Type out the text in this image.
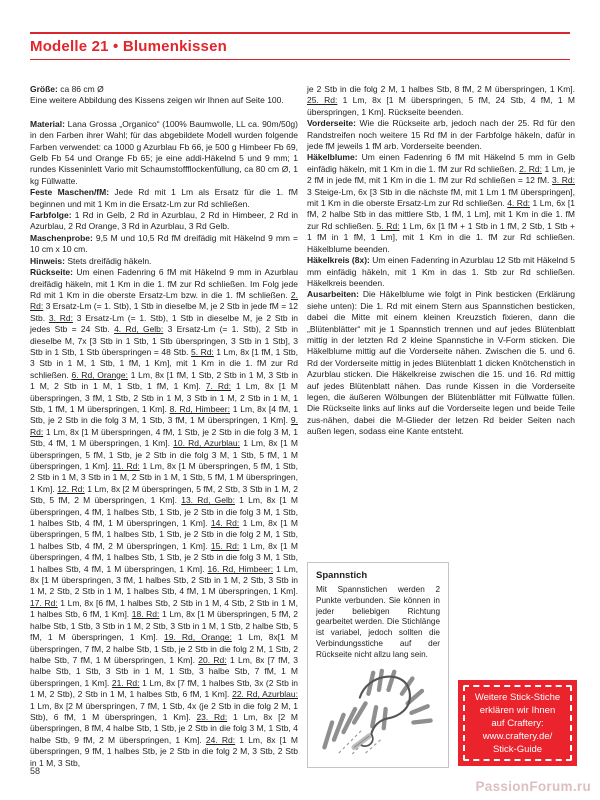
Modelle 21 • Blumenkissen

Größe: ca 86 cm Ø

Eine weitere Abbildung des Kissens zeigen wir Ihnen auf Seite 100.

Material: Lana Grossa „Organico“ (100% Baumwolle, LL ca. 90m/50g) in den Farben ihrer Wahl; für das abgebildete Modell wurden folgende Farben verwendet: ca 1000 g Azurblau Fb 66, je 500 g Himbeer Fb 69, Gelb Fb 54 und Orange Fb 65; je eine addi-Häkelnd 5 und 9 mm; 1 rundes Kisseninlett Vario mit Schaumstoffflockenfüllung, ca 80 cm Ø, 1 kg Füllwatte.

Feste Maschen/fM: Jede Rd mit 1 Lm als Ersatz für die 1. fM beginnen und mit 1 Km in die Ersatz-Lm zur Rd schließen.

Farbfolge: 1 Rd in Gelb, 2 Rd in Azurblau, 2 Rd in Himbeer, 2 Rd in Azurblau, 2 Rd Orange, 3 Rd in Azurblau, 3 Rd Gelb.

Maschenprobe: 9,5 M und 10,5 Rd fM dreifädig mit Häkelnd 9 mm = 10 cm x 10 cm.

Hinweis: Stets dreifädig häkeln.

Rückseite: Um einen Fadenring 6 fM mit Häkelnd 9 mm in Azurblau dreifädig häkeln, mit 1 Km in die 1. fM zur Rd schließen. Im Folg jede Rd mit 1 Km in die oberste Ersatz-Lm bzw. in die 1. fM schließen. 2. Rd: 3 Ersatz-Lm (= 1. Stb), 1 Stb in dieselbe M, je 2 Stb in jede fM = 12 Stb. 3. Rd: 3 Ersatz-Lm (= 1. Stb), 1 Stb in dieselbe M, je 2 Stb in jedes Stb = 24 Stb. 4. Rd, Gelb: 3 Ersatz-Lm (= 1. Stb), 2 Stb in dieselbe M, 7x [3 Stb in 1 Stb, 1 Stb überspringen, 3 Stb in 1 Stb], 3 Stb in 1 Stb, 1 Stb überspringen = 48 Stb. 5. Rd: 1 Lm, 8x [1 fM, 1 Stb, 3 Stb in 1 M, 1 Stb, 1 fM, 1 Km], mit 1 Km in die 1. fM zur Rd schließen. 6. Rd, Orange: 1 Lm, 8x [1 fM, 1 Stb, 2 Stb in 1 M, 3 Stb in 1 M, 2 Stb in 1 M, 1 Stb, 1 fM, 1 Km]. 7. Rd: 1 Lm, 8x [1 M überspringen, 3 fM, 1 Stb, 2 Stb in 1 M, 3 Stb in 1 M, 2 Stb in 1 M, 1 Stb, 1 fM, 1 M überspringen, 1 Km]. 8. Rd, Himbeer: 1 Lm, 8x [4 fM, 1 Stb, je 2 Stb in die folg 3 M, 1 Stb, 3 fM, 1 M überspringen, 1 Km]. 9. Rd: 1 Lm, 8x [1 M überspringen, 4 fM, 1 Stb, je 2 Stb in die folg 3 M, 1 Stb, 4 fM, 1 M überspringen, 1 Km]. 10. Rd, Azurblau: 1 Lm, 8x [1 M überspringen, 5 fM, 1 Stb, je 2 Stb in die folg 3 M, 1 Stb, 5 fM, 1 M überspringen, 1 Km]. 11. Rd: 1 Lm, 8x [1 M überspringen, 5 fM, 1 Stb, 2 Stb in 1 M, 3 Stb in 1 M, 2 Stb in 1 M, 1 Stb, 5 fM, 1 M überspringen, 1 Km]. 12. Rd: 1 Lm, 8x [2 M überspringen, 5 fM, 2 Stb, 3 Stb in 1 M, 2 Stb, 5 fM, 2 M überspringen, 1 Km]. 13. Rd, Gelb: 1 Lm, 8x [1 M überspringen, 4 fM, 1 halbes Stb, 1 Stb, je 2 Stb in die folg 3 M, 1 Stb, 1 halbes Stb, 4 fM, 1 M überspringen, 1 Km]. 14. Rd: 1 Lm, 8x [1 M überspringen, 5 fM, 1 halbes Stb, 1 Stb, je 2 Stb in die folg 2 M, 1 Stb, 1 halbes Stb, 4 fM, 2 M überspringen, 1 Km]. 15. Rd: 1 Lm, 8x [1 M überspringen, 4 fM, 1 halbes Stb, 1 Stb, je 2 Stb in die folg 3 M, 1 Stb, 1 halbes Stb, 4 fM, 1 M überspringen, 1 Km]. 16. Rd, Himbeer: 1 Lm, 8x [1 M überspringen, 3 fM, 1 halbes Stb, 2 Stb in 1 M, 2 Stb, 3 Stb in 1 M, 2 Stb, 2 Stb in 1 M, 1 halbes Stb, 4 fM, 1 M überspringen, 1 Km]. 17. Rd: 1 Lm, 8x [6 fM, 1 halbes Stb, 2 Stb in 1 M, 4 Stb, 2 Stb in 1 M, 1 halbes Stb, 6 fM, 1 Km]. 18. Rd: 1 Lm, 8x [1 M überspringen, 5 fM, 2 halbe Stb, 1 Stb, 3 Stb in 1 M, 2 Stb, 3 Stb in 1 M, 1 Stb, 2 halbe Stb, 5 fM, 1 M überspringen, 1 Km]. 19. Rd, Orange: 1 Lm, 8x[1 M überspringen, 7 fM, 2 halbe Stb, 1 Stb, je 2 Stb in die folg 2 M, 1 Stb, 2 halbe Stb, 7 fM, 1 M überspringen, 1 Km]. 20. Rd: 1 Lm, 8x [7 fM, 3 halbe Stb, 1 Stb, 3 Stb in 1 M, 1 Stb, 3 halbe Stb, 7 fM, 1 M überspringen, 1 Km]. 21. Rd: 1 Lm, 8x [7 fM, 1 halbes Stb, 3x (2 Stb in 1 M, 2 Stb), 2 Stb in 1 M, 1 halbes Stb, 6 fM, 1 Km]. 22. Rd, Azurblau: 1 Lm, 8x [2 M überspringen, 7 fM, 1 Stb, 4x (je 2 Stb in die folg 2 M, 1 Stb), 6 fM, 1 M überspringen, 1 Km]. 23. Rd: 1 Lm, 8x [2 M überspringen, 8 fM, 4 halbe Stb, 1 Stb, je 2 Stb in die folg 3 M, 1 Stb, 4 halbe Stb, 9 fM, 2 M überspringen, 1 Km]. 24. Rd: 1 Lm, 8x [1 M überspringen, 9 fM, 1 halbes Stb, je 2 Stb in die folg 2 M, 3 Stb, 2 Stb in 1 M, 3 Stb,

je 2 Stb in die folg 2 M, 1 halbes Stb, 8 fM, 2 M überspringen, 1 Km]. 25. Rd: 1 Lm, 8x [1 M überspringen, 5 fM, 24 Stb, 4 fM, 1 M überspringen, 1 Km]. Rückseite beenden.

Vorderseite: Wie die Rückseite arb, jedoch nach der 25. Rd für den Randstreifen noch weitere 15 Rd fM in der Farbfolge häkeln, dafür in jede fM jeweils 1 fM arb. Vorderseite beenden.

Häkelblume: Um einen Fadenring 6 fM mit Häkelnd 5 mm in Gelb einfädig häkeln, mit 1 Km in die 1. fM zur Rd schließen. 2. Rd: 1 Lm, je 2 fM in jede fM, mit 1 Km in die 1. fM zur Rd schließen = 12 fM. 3. Rd: 3 Steige-Lm, 6x [3 Stb in die nächste fM, mit 1 Lm 1 fM überspringen], mit 1 Km in die oberste Ersatz-Lm zur Rd schließen. 4. Rd: 1 Lm, 6x [1 fM, 2 halbe Stb in das mittlere Stb, 1 fM, 1 Lm], mit 1 Km in die 1. fM zur Rd schließen. 5. Rd: 1 Lm, 6x [1 fM + 1 Stb in 1 fM, 2 Stb, 1 Stb + 1 fM in 1 fM, 1 Lm], mit 1 Km in die 1. fM zur Rd schließen. Häkelblume beenden.

Häkelkreis (8x): Um einen Fadenring in Azurblau 12 Stb mit Häkelnd 5 mm einfädig häkeln, mit 1 Km in das 1. Stb zur Rd schließen. Häkelkreis beenden.

Ausarbeiten: Die Häkelblume wie folgt in Pink besticken (Erklärung siehe unten): Die 1. Rd mit einem Stern aus Spannstichen besticken, dabei die Mitte mit einem kleinen Kreuzstich fixieren, dann die „Blütenblätter“ mit je 1 Spannstich trennen und auf jedes Blütenblatt mittig in der letzten Rd 2 kleine Spannstiche in V-Form sticken. Die Häkelblume mittig auf die Vorderseite nähen. Zwischen die 5. und 6. Rd der Vorderseite mittig in jedes Blütenblatt 1 dicken Knötchenstich in Azurblau sticken. Die Häkelkreise zwischen die 15. und 16. Rd mittig auf jedes Blütenblatt nähen. Das runde Kissen in die Vorderseite legen, die äußeren Wölbungen der Blütenblätter mit Füllwatte füllen. Die Rückseite links auf links auf die Vorderseite legen und beide Teile zus-nähen, dabei die M-Glieder der letzen Rd beider Seiten nach außen legen, sodass eine Kante entsteht.

Spannstich
Mit Spannstichen werden 2 Punkte verbunden. Sie können in jeder beliebigen Richtung gearbeitet werden. Die Stichlänge ist variabel, jedoch sollten die Verbindungsstiche auf der Rückseite nicht allzu lang sein.
Weitere Stick-Stiche
erklären wir Ihnen
auf Craftery:
www.craftery.de/
Stick-Guide
58
PassionForum.ru
